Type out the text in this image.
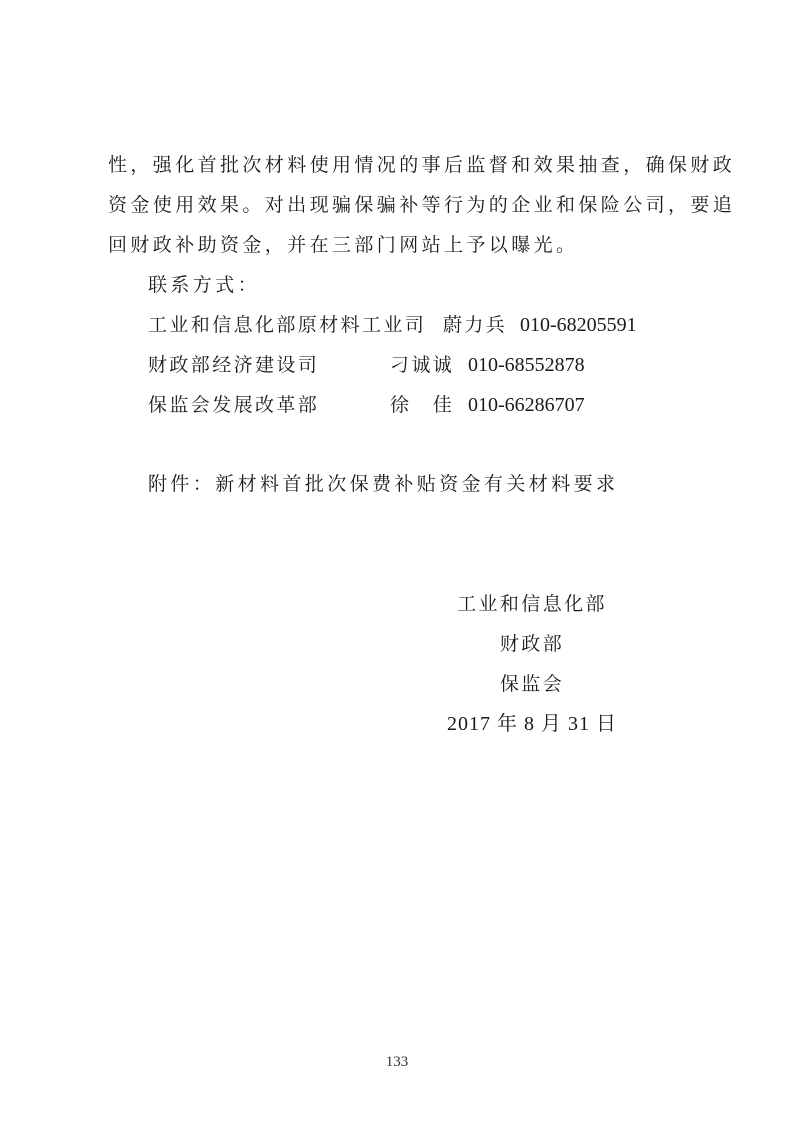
性，强化首批次材料使用情况的事后监督和效果抽查，确保财政
资金使用效果。对出现骗保骗补等行为的企业和保险公司，要追
回财政补助资金，并在三部门网站上予以曝光。
联系方式：
工业和信息化部原材料工业司 蔚力兵 010-68205591
财政部经济建设司	刁诚诚 010-68552878
保监会发展改革部	徐　佳 010-66286707
附件：新材料首批次保费补贴资金有关材料要求
工业和信息化部
财政部
保监会
2017 年 8 月 31 日
133
